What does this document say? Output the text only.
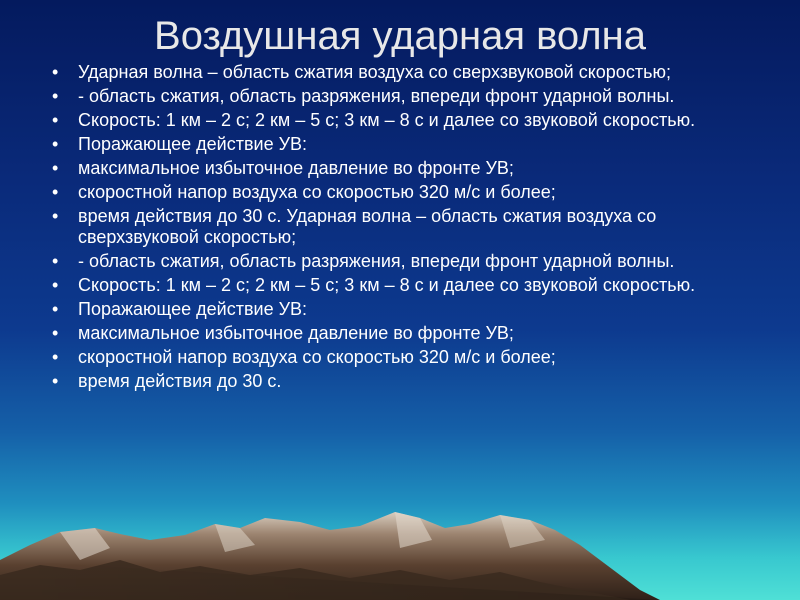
Воздушная ударная волна
• Ударная волна – область сжатия воздуха со сверхзвуковой скоростью;
• - область сжатия, область разряжения, впереди фронт ударной волны.
• Скорость: 1 км – 2 с; 2 км – 5 с; 3 км – 8 с и далее со звуковой скоростью.
• Поражающее действие УВ:
• максимальное избыточное давление во фронте УВ;
• скоростной напор воздуха со скоростью 320 м/с и более;
• время действия до 30 с. Ударная волна – область сжатия воздуха со сверхзвуковой скоростью;
• - область сжатия, область разряжения, впереди фронт ударной волны.
• Скорость: 1 км – 2 с; 2 км – 5 с; 3 км – 8 с и далее со звуковой скоростью.
• Поражающее действие УВ:
• максимальное избыточное давление во фронте УВ;
• скоростной напор воздуха со скоростью 320 м/с и более;
• время действия до 30 с.
